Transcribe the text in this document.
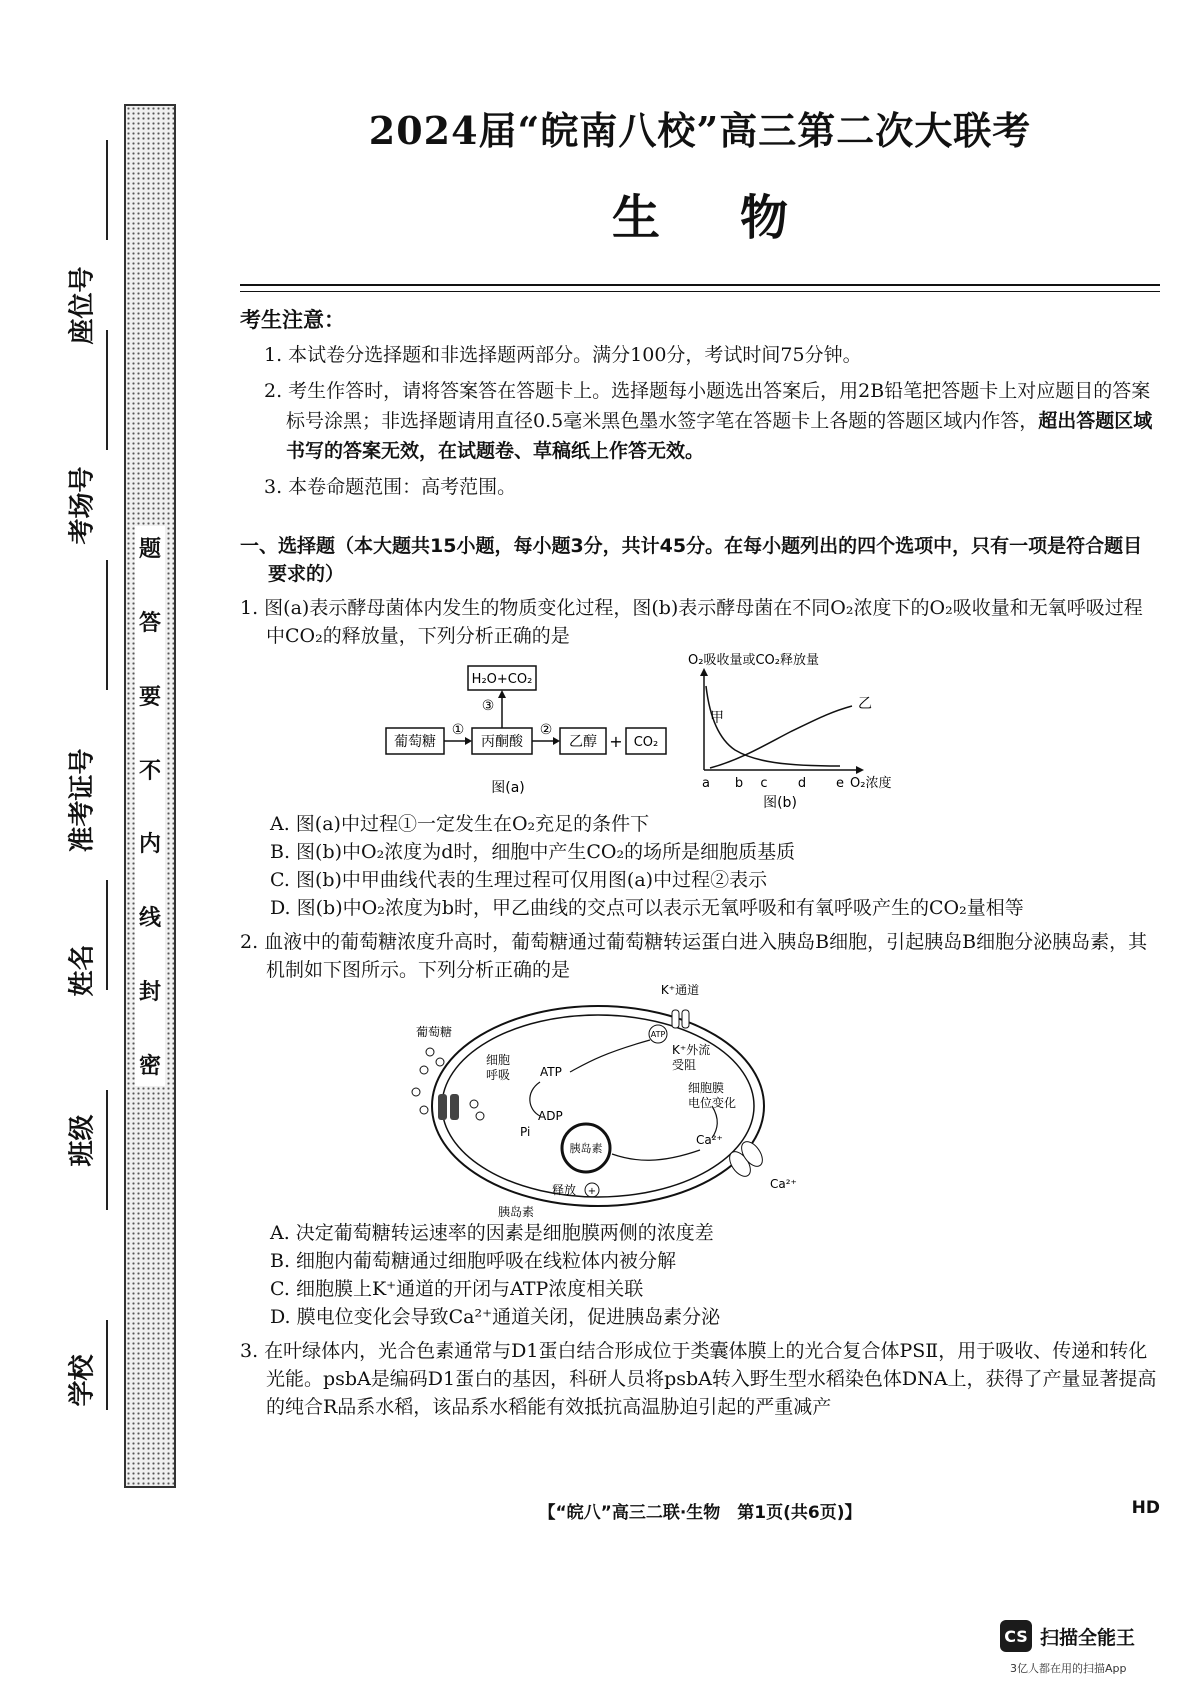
座位号
考场号
准考证号
姓名
班级
学校
题
答
要
不
内
线
封
密
2024届“皖南八校”高三第二次大联考
生物
考生注意：

1. 本试卷分选择题和非选择题两部分。满分100分，考试时间75分钟。

2. 考生作答时，请将答案答在答题卡上。选择题每小题选出答案后，用2B铅笔把答题卡上对应题目的答案标号涂黑；非选择题请用直径0.5毫米黑色墨水签字笔在答题卡上各题的答题区域内作答，超出答题区域书写的答案无效，在试题卷、草稿纸上作答无效。

3. 本卷命题范围：高考范围。

一、选择题（本大题共15小题，每小题3分，共计45分。在每小题列出的四个选项中，只有一项是符合题目要求的）
1. 图(a)表示酵母菌体内发生的物质变化过程，图(b)表示酵母菌在不同O₂浓度下的O₂吸收量和无氧呼吸过程中CO₂的释放量，下列分析正确的是
H₂O+CO₂
③
葡萄糖
①
丙酮酸
②
乙醇 + CO₂
图(a)
O₂吸收量或CO₂释放量
甲
乙
a b c d e O₂浓度
图(b)

A. 图(a)中过程①一定发生在O₂充足的条件下

B. 图(b)中O₂浓度为d时，细胞中产生CO₂的场所是细胞质基质

C. 图(b)中甲曲线代表的生理过程可仅用图(a)中过程②表示

D. 图(b)中O₂浓度为b时，甲乙曲线的交点可以表示无氧呼吸和有氧呼吸产生的CO₂量相等

2. 血液中的葡萄糖浓度升高时，葡萄糖通过葡萄糖转运蛋白进入胰岛B细胞，引起胰岛B细胞分泌胰岛素，其机制如下图所示。下列分析正确的是
K⁺通道
ATP
K⁺外流
受阻
细胞膜
电位变化
葡萄糖
细胞
呼吸 ATP
ADP
Pi
胰岛素
释放 +
胰岛素
Ca²⁺
Ca²⁺

A. 决定葡萄糖转运速率的因素是细胞膜两侧的浓度差

B. 细胞内葡萄糖通过细胞呼吸在线粒体内被分解

C. 细胞膜上K⁺通道的开闭与ATP浓度相关联

D. 膜电位变化会导致Ca²⁺通道关闭，促进胰岛素分泌

3. 在叶绿体内，光合色素通常与D1蛋白结合形成位于类囊体膜上的光合复合体PSⅡ，用于吸收、传递和转化光能。psbA是编码D1蛋白的基因，科研人员将psbA转入野生型水稻染色体DNA上，获得了产量显著提高的纯合R品系水稻，该品系水稻能有效抵抗高温胁迫引起的严重减产
【“皖八”高三二联·生物　第1页(共6页)】	HD
CS 扫描全能王
3亿人都在用的扫描App
